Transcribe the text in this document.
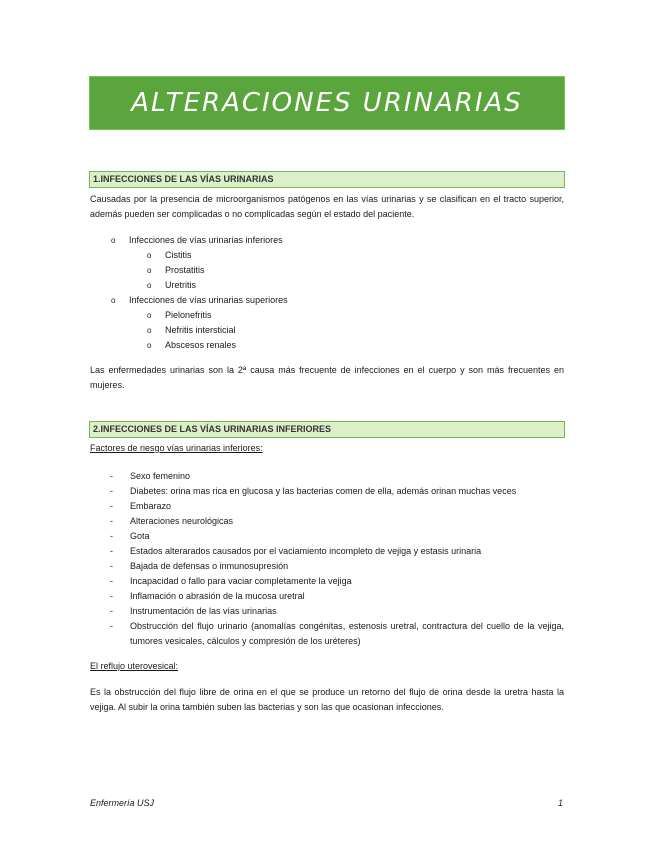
ALTERACIONES URINARIAS
1.INFECCIONES DE LAS VÍAS URINARIAS

Causadas por la presencia de microorganismos patógenos en las vías urinarias y se clasifican en el tracto superior, además pueden ser complicadas o no complicadas según el estado del paciente.

o Infecciones de vías urinarias inferiores

o Cistitis

o Prostatitis

o Uretritis

o Infecciones de vías urinarias superiores

o Pielonefritis

o Nefritis intersticial

o Abscesos renales

Las enfermedades urinarias son la 2ª causa más frecuente de infecciones en el cuerpo y son más frecuentes en mujeres.

2.INFECCIONES DE LAS VÍAS URINARIAS INFERIORES

Factores de riesgo vías urinarias inferiores:

- Sexo femenino
- Diabetes: orina mas rica en glucosa y las bacterias comen de ella, además orinan muchas veces
- Embarazo
- Alteraciones neurológicas
- Gota
- Estados alterarados causados por el vaciamiento incompleto de vejiga y estasis urinaria
- Bajada de defensas o inmunosupresión
- Incapacidad o fallo para vaciar completamente la vejiga
- Inflamación o abrasión de la mucosa uretral
- Instrumentación de las vías urinarias
- Obstrucción del flujo urinario (anomalías congénitas, estenosis uretral, contractura del cuello de la vejiga, tumores vesicales, cálculos y compresión de los uréteres)

El reflujo uterovesical:

Es la obstrucción del flujo libre de orina en el que se produce un retorno del flujo de orina desde la uretra hasta la vejiga. Al subir la orina también suben las bacterias y son las que ocasionan infecciones.

Enfermería USJ	1
